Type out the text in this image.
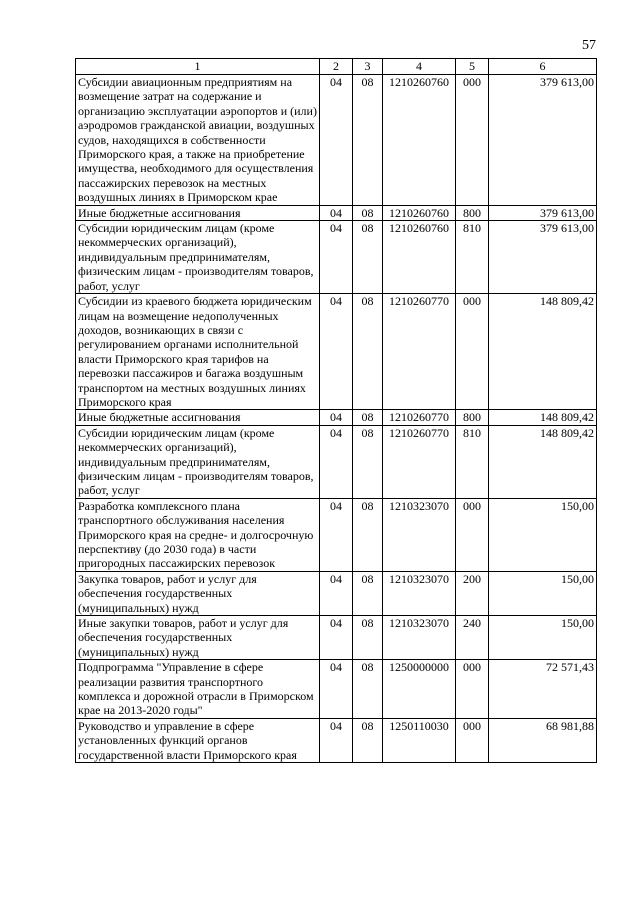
57
1	2	3	4	5	6
Субсидии авиационным предприятиям на возмещение затрат на содержание и организацию эксплуатации аэропортов и (или) аэродромов гражданской авиации, воздушных судов, находящихся в собственности Приморского края, а также на приобретение имущества, необходимого для осуществления пассажирских перевозок на местных воздушных линиях в Приморском крае	04	08	1210260760	000	379 613,00
Иные бюджетные ассигнования	04	08	1210260760	800	379 613,00
Субсидии юридическим лицам (кроме некоммерческих организаций), индивидуальным предпринимателям, физическим лицам - производителям товаров, работ, услуг	04	08	1210260760	810	379 613,00
Субсидии из краевого бюджета юридическим лицам на возмещение недополученных доходов, возникающих в связи с регулированием органами исполнительной власти Приморского края тарифов на перевозки пассажиров и багажа воздушным транспортом на местных воздушных линиях Приморского края	04	08	1210260770	000	148 809,42
Иные бюджетные ассигнования	04	08	1210260770	800	148 809,42
Субсидии юридическим лицам (кроме некоммерческих организаций), индивидуальным предпринимателям, физическим лицам - производителям товаров, работ, услуг	04	08	1210260770	810	148 809,42
Разработка комплексного плана транспортного обслуживания населения Приморского края на средне- и долгосрочную перспективу (до 2030 года) в части пригородных пассажирских перевозок	04	08	1210323070	000	150,00
Закупка товаров, работ и услуг для обеспечения государственных (муниципальных) нужд	04	08	1210323070	200	150,00
Иные закупки товаров, работ и услуг для обеспечения государственных (муниципальных) нужд	04	08	1210323070	240	150,00
Подпрограмма "Управление в сфере реализации развития транспортного комплекса и дорожной отрасли в Приморском крае на 2013-2020 годы"	04	08	1250000000	000	72 571,43
Руководство и управление в сфере установленных функций органов государственной власти Приморского края	04	08	1250110030	000	68 981,88
